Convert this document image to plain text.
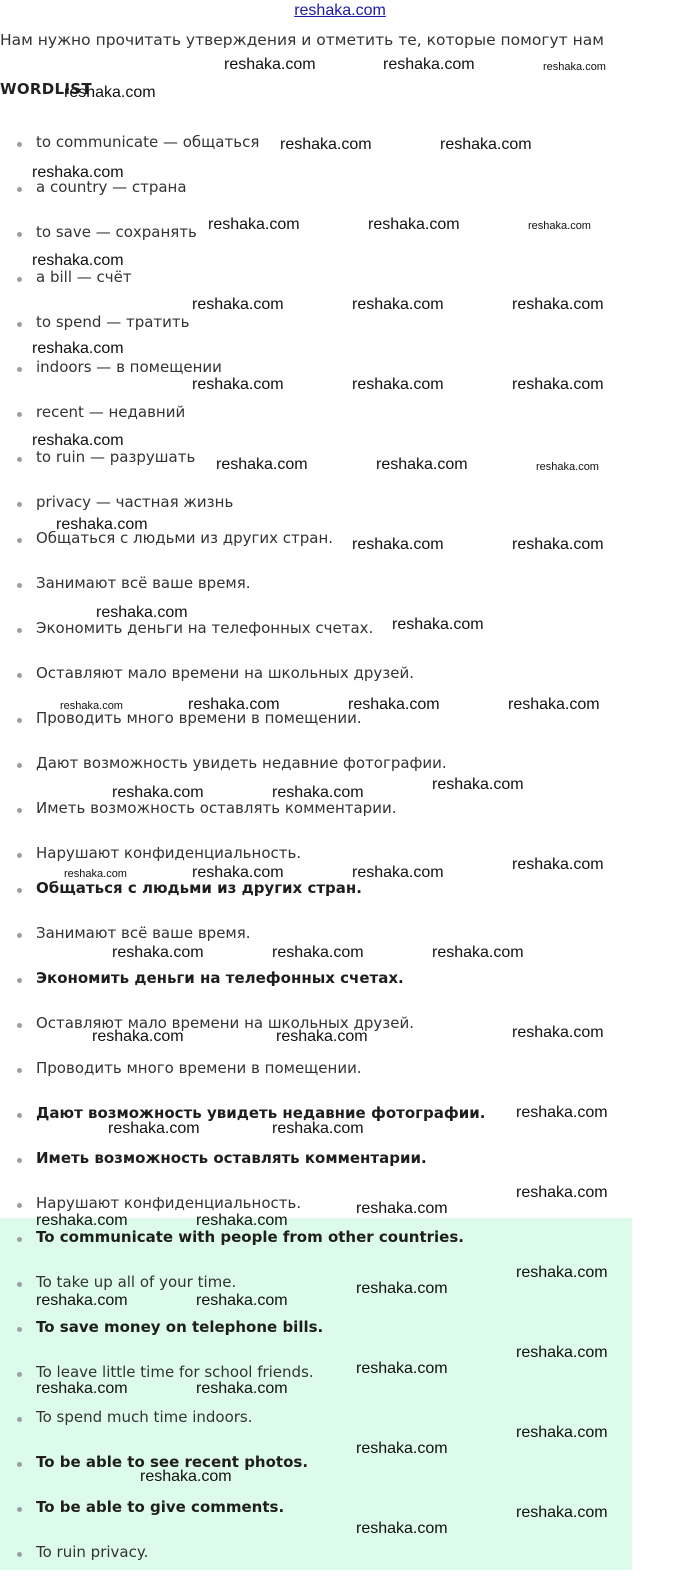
reshaka.com
Нам нужно прочитать утверждения и отметить те, которые помогут нам
WORDLIST
to communicate — общаться
a country — страна
to save — сохранять
a bill — счёт
to spend — тратить
indoors — в помещении
recent — недавний
to ruin — разрушать
privacy — частная жизнь
Общаться с людьми из других стран.
Занимают всё ваше время.
Экономить деньги на телефонных счетах.
Оставляют мало времени на школьных друзей.
Проводить много времени в помещении.
Дают возможность увидеть недавние фотографии.
Иметь возможность оставлять комментарии.
Нарушают конфиденциальность.
Общаться с людьми из других стран.
Занимают всё ваше время.
Экономить деньги на телефонных счетах.
Оставляют мало времени на школьных друзей.
Проводить много времени в помещении.
Дают возможность увидеть недавние фотографии.
Иметь возможность оставлять комментарии.
Нарушают конфиденциальность.
To communicate with people from other countries.
To take up all of your time.
To save money on telephone bills.
To leave little time for school friends.
To spend much time indoors.
To be able to see recent photos.
To be able to give comments.
To ruin privacy.
reshaka.com	reshaka.com	reshaka.com
reshaka.com
reshaka.com	reshaka.com
reshaka.com
reshaka.com	reshaka.com	reshaka.com
reshaka.com
reshaka.com	reshaka.com	reshaka.com
reshaka.com
reshaka.com	reshaka.com	reshaka.com
reshaka.com
reshaka.com	reshaka.com	reshaka.com
reshaka.com
reshaka.com	reshaka.com
reshaka.com
reshaka.com
reshaka.com	reshaka.com	reshaka.com	reshaka.com
reshaka.com
reshaka.com	reshaka.com
reshaka.com
reshaka.com	reshaka.com	reshaka.com
reshaka.com	reshaka.com	reshaka.com
reshaka.com
reshaka.com	reshaka.com
reshaka.com
reshaka.com	reshaka.com
reshaka.com
reshaka.com
reshaka.com	reshaka.com
reshaka.com
reshaka.com
reshaka.com	reshaka.com
reshaka.com
reshaka.com
reshaka.com	reshaka.com
reshaka.com
reshaka.com
reshaka.com
reshaka.com
reshaka.com
